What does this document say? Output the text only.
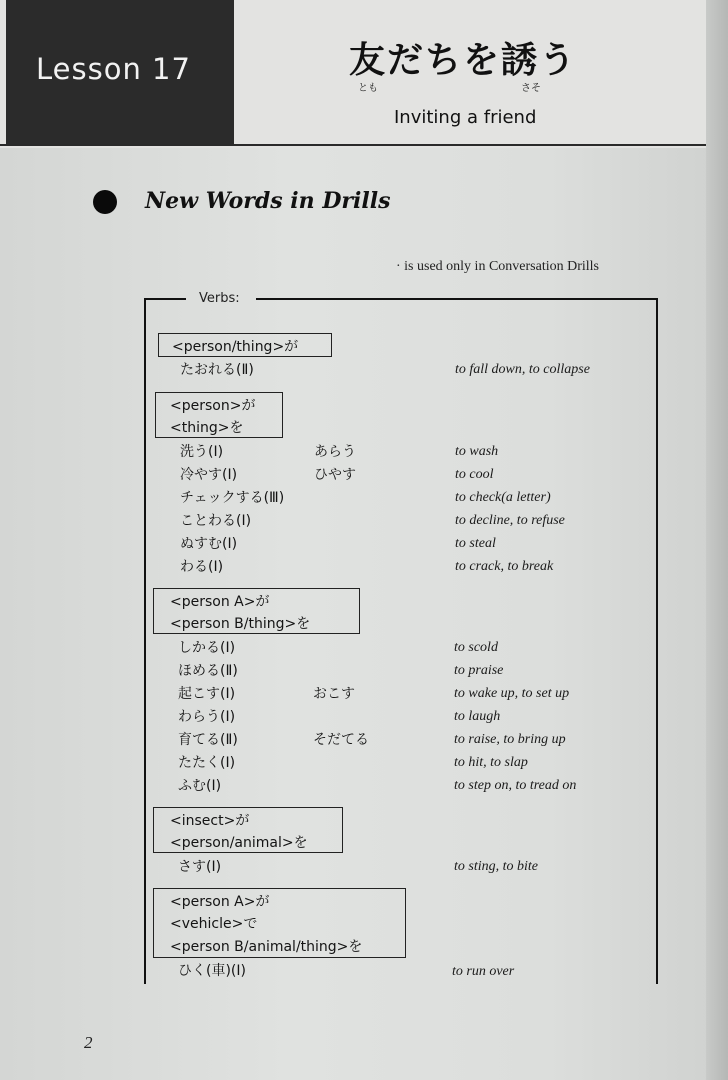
Lesson 17	友だちを誘う
とも	さそ
Inviting a friend
New Words in Drills
· is used only in Conversation Drills
Verbs:
<person/thing>が
たおれる(Ⅱ)	to fall down, to collapse
<person>が
<thing>を
洗う(Ⅰ)	あらう	to wash
冷やす(Ⅰ)	ひやす	to cool
チェックする(Ⅲ)	to check(a letter)
ことわる(Ⅰ)	to decline, to refuse
ぬすむ(Ⅰ)	to steal
わる(Ⅰ)	to crack, to break
<person A>が
<person B/thing>を
しかる(Ⅰ)	to scold
ほめる(Ⅱ)	to praise
起こす(Ⅰ)	おこす	to wake up, to set up
わらう(Ⅰ)	to laugh
育てる(Ⅱ)	そだてる	to raise, to bring up
たたく(Ⅰ)	to hit, to slap
ふむ(Ⅰ)	to step on, to tread on
<insect>が
<person/animal>を
さす(Ⅰ)	to sting, to bite
<person A>が
<vehicle>で
<person B/animal/thing>を
ひく(車)(Ⅰ)	to run over
2
